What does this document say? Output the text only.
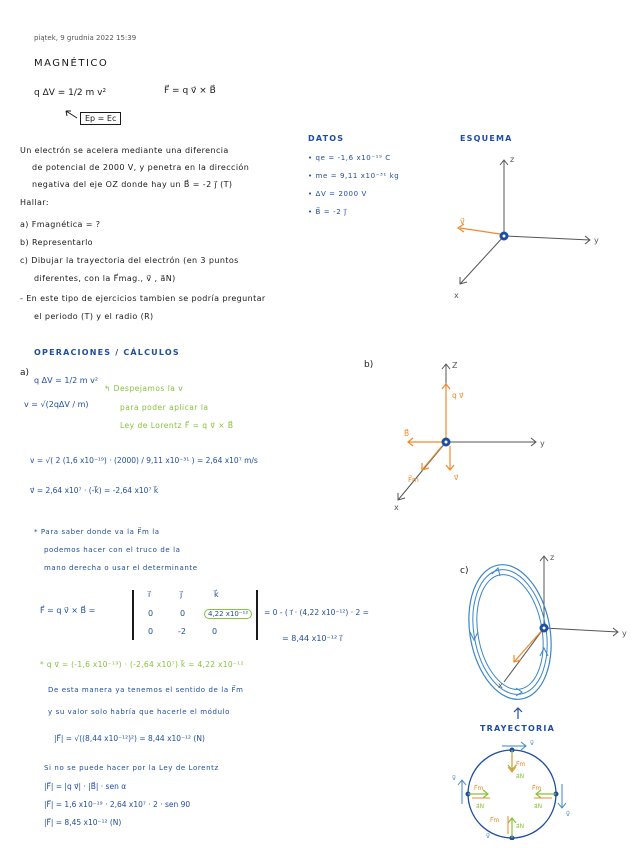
piątek, 9 grudnia 2022 15:39
MAGNÉTICO
q ΔV = 1/2 m v²	F⃗ = q v⃗ × B⃗
Ep = Ec
Un electrón se acelera mediante una diferencia
de potencial de 2000 V, y penetra en la dirección
negativa del eje OZ donde hay un B⃗ = -2 j⃗ (T)
Hallar:
a) Fmagnética = ?
b) Representarlo
c) Dibujar la trayectoria del electrón (en 3 puntos
diferentes, con la F⃗mag., v⃗ , a⃗N)
- En este tipo de ejercicios tambien se podría preguntar
el periodo (T) y el radio (R)
DATOS
• qe = -1,6 x10⁻¹⁹ C
• me = 9,11 x10⁻³¹ kg
• ΔV = 2000 V
• B⃗ = -2 j⃗
ESQUEMA
z
y
x
v⃗
OPERACIONES / CÁLCULOS
a)
q ΔV = 1/2 m v²
v = √(2qΔV / m)
↰ Despejamos la v
para poder aplicar la
Ley de Lorentz F⃗ = q v⃗ × B⃗
v = √( 2 (1,6 x10⁻¹⁹) · (2000) / 9,11 x10⁻³¹ ) = 2,64 x10⁷ m/s
v⃗ = 2,64 x10⁷ · (-k⃗) = -2,64 x10⁷ k⃗
b)	Z
y
x
q v⃗
B⃗
F⃗m	v⃗
* Para saber donde va la F⃗m la
podemos hacer con el truco de la
mano derecha o usar el determinante
F⃗ = q v⃗ × B⃗ =
i⃗	j⃗	k⃗
0	0	4,22 x10⁻¹²
0	-2	0
= 0 - ( i⃗ · (4,22 x10⁻¹²) · 2 =
= 8,44 x10⁻¹² i⃗
* q v⃗ = (-1,6 x10⁻¹⁹) · (-2,64 x10⁷) k⃗ = 4,22 x10⁻¹²
De esta manera ya tenemos el sentido de la F⃗m
y su valor solo habría que hacerle el módulo
|F⃗| = √((8,44 x10⁻¹²)²) = 8,44 x10⁻¹² (N)
Si no se puede hacer por la Ley de Lorentz
|F⃗| = |q v⃗| · |B⃗| · sen α
|F⃗| = 1,6 x10⁻¹⁹ · 2,64 x10⁷ · 2 · sen 90
|F⃗| = 8,45 x10⁻¹² (N)
c)
z
y
x
TRAYECTORIA
v⃗
v⃗
v⃗
v⃗
F⃗m
F⃗m	F⃗m
F⃗m
a⃗N
a⃗N	a⃗N
a⃗N
